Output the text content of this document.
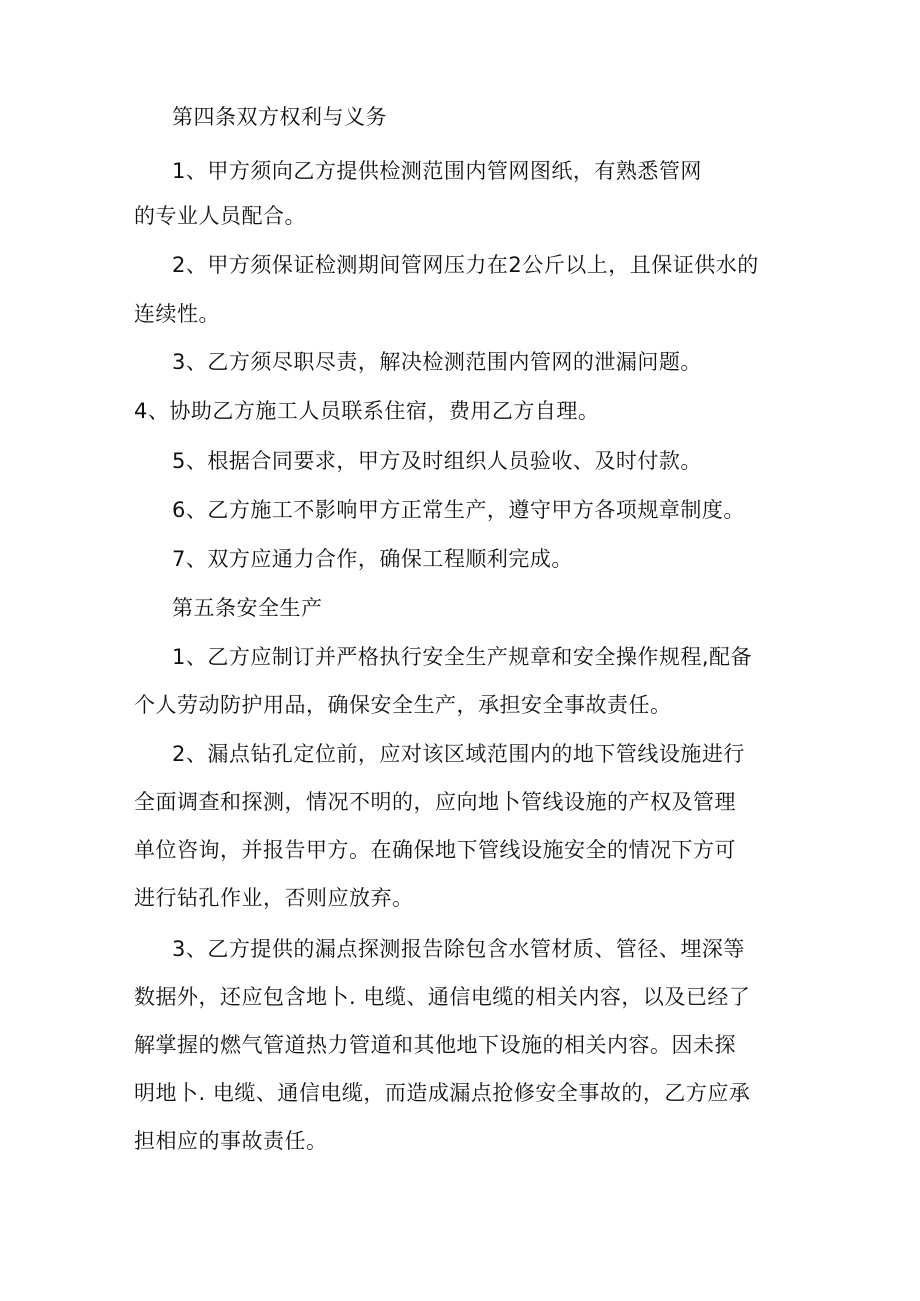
第四条双方权利与义务
1、甲方须向乙方提供检测范围内管网图纸，有熟悉管网
的专业人员配合。
2、甲方须保证检测期间管网压力在2公斤以上，且保证供水的
连续性。
3、乙方须尽职尽责，解决检测范围内管网的泄漏问题。
4、协助乙方施工人员联系住宿，费用乙方自理。
5、根据合同要求，甲方及时组织人员验收、及时付款。
6、乙方施工不影响甲方正常生产，遵守甲方各项规章制度。
7、双方应通力合作，确保工程顺利完成。
第五条安全生产
1、乙方应制订并严格执行安全生产规章和安全操作规程,配备
个人劳动防护用品，确保安全生产，承担安全事故责任。
2、漏点钻孔定位前，应对该区域范围内的地下管线设施进行
全面调查和探测，情况不明的，应向地卜管线设施的产权及管理
单位咨询，并报告甲方。在确保地下管线设施安全的情况下方可
进行钻孔作业，否则应放弃。
3、乙方提供的漏点探测报告除包含水管材质、管径、埋深等
数据外，还应包含地卜. 电缆、通信电缆的相关内容，以及已经了
解掌握的燃气管道热力管道和其他地下设施的相关内容。因未探
明地卜. 电缆、通信电缆，而造成漏点抢修安全事故的，乙方应承
担相应的事故责任。
